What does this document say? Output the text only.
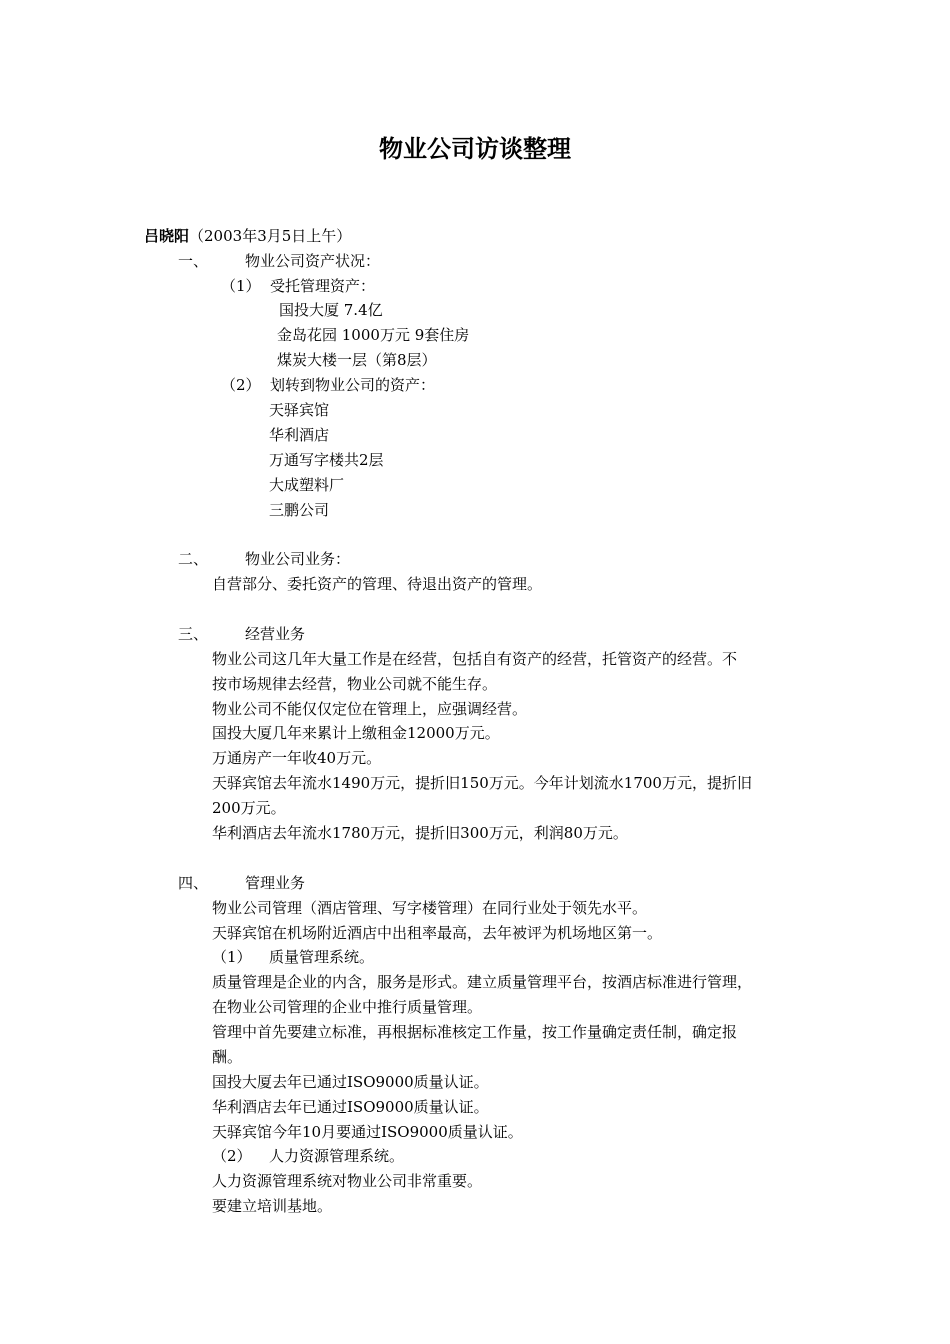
物业公司访谈整理
吕晓阳（2003年3月5日上午）
一、 物业公司资产状况：
（1） 受托管理资产：
国投大厦 7.4亿
金岛花园 1000万元 9套住房
煤炭大楼一层（第8层）
（2） 划转到物业公司的资产：
天驿宾馆
华利酒店
万通写字楼共2层
大成塑料厂
三鹏公司
二、 物业公司业务：
自营部分、委托资产的管理、待退出资产的管理。
三、 经营业务
物业公司这几年大量工作是在经营，包括自有资产的经营，托管资产的经营。不
按市场规律去经营，物业公司就不能生存。
物业公司不能仅仅定位在管理上，应强调经营。
国投大厦几年来累计上缴租金12000万元。
万通房产一年收40万元。
天驿宾馆去年流水1490万元，提折旧150万元。今年计划流水1700万元，提折旧
200万元。
华利酒店去年流水1780万元，提折旧300万元，利润80万元。
四、 管理业务
物业公司管理（酒店管理、写字楼管理）在同行业处于领先水平。
天驿宾馆在机场附近酒店中出租率最高，去年被评为机场地区第一。
（1） 质量管理系统。
质量管理是企业的内含，服务是形式。建立质量管理平台，按酒店标准进行管理，
在物业公司管理的企业中推行质量管理。
管理中首先要建立标准，再根据标准核定工作量，按工作量确定责任制，确定报
酬。
国投大厦去年已通过ISO9000质量认证。
华利酒店去年已通过ISO9000质量认证。
天驿宾馆今年10月要通过ISO9000质量认证。
（2） 人力资源管理系统。
人力资源管理系统对物业公司非常重要。
要建立培训基地。
